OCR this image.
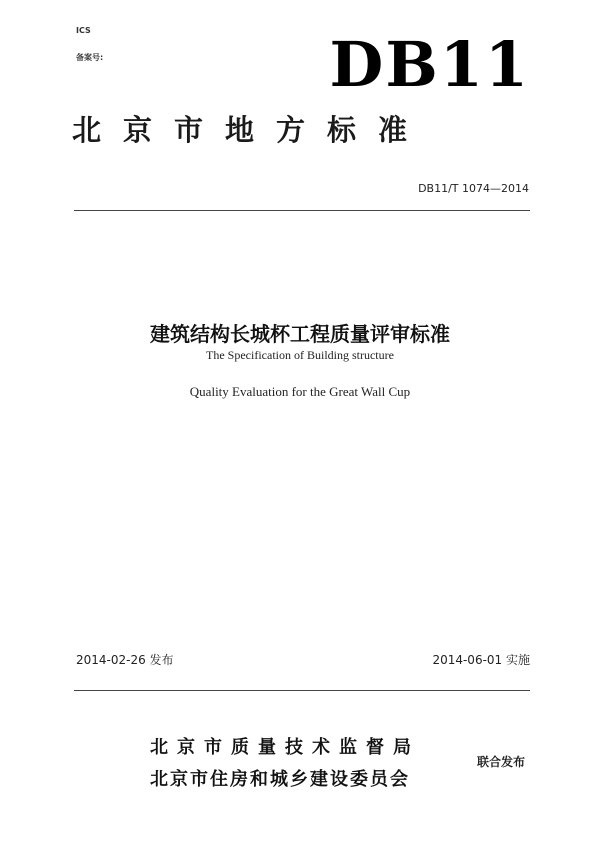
ICS
备案号:	DB11
北京市地方标准
DB11/T 1074—2014
建筑结构长城杯工程质量评审标准
The Specification of Building structure
Quality Evaluation for the Great Wall Cup
2014-02-26 发布	2014-06-01 实施
北京市质量技术监督局
北京市住房和城乡建设委员会
联合发布
